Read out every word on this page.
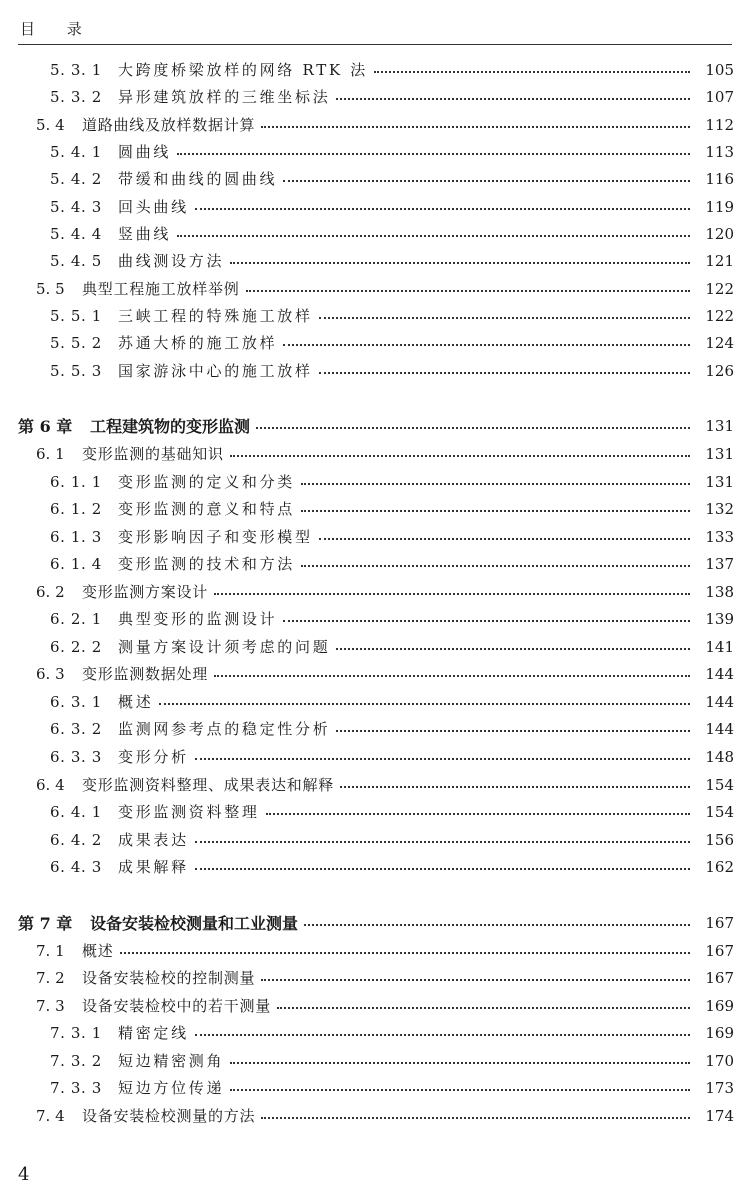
目 录
5. 3. 1	大跨度桥梁放样的网络 RTK 法	105
5. 3. 2	异形建筑放样的三维坐标法	107
5. 4	道路曲线及放样数据计算	112
5. 4. 1	圆曲线	113
5. 4. 2	带缓和曲线的圆曲线	116
5. 4. 3	回头曲线	119
5. 4. 4	竖曲线	120
5. 4. 5	曲线测设方法	121
5. 5	典型工程施工放样举例	122
5. 5. 1	三峡工程的特殊施工放样	122
5. 5. 2	苏通大桥的施工放样	124
5. 5. 3	国家游泳中心的施工放样	126
第 6 章	工程建筑物的变形监测	131
6. 1	变形监测的基础知识	131
6. 1. 1	变形监测的定义和分类	131
6. 1. 2	变形监测的意义和特点	132
6. 1. 3	变形影响因子和变形模型	133
6. 1. 4	变形监测的技术和方法	137
6. 2	变形监测方案设计	138
6. 2. 1	典型变形的监测设计	139
6. 2. 2	测量方案设计须考虑的问题	141
6. 3	变形监测数据处理	144
6. 3. 1	概述	144
6. 3. 2	监测网参考点的稳定性分析	144
6. 3. 3	变形分析	148
6. 4	变形监测资料整理、成果表达和解释	154
6. 4. 1	变形监测资料整理	154
6. 4. 2	成果表达	156
6. 4. 3	成果解释	162
第 7 章	设备安装检校测量和工业测量	167
7. 1	概述	167
7. 2	设备安装检校的控制测量	167
7. 3	设备安装检校中的若干测量	169
7. 3. 1	精密定线	169
7. 3. 2	短边精密测角	170
7. 3. 3	短边方位传递	173
7. 4	设备安装检校测量的方法	174
4
